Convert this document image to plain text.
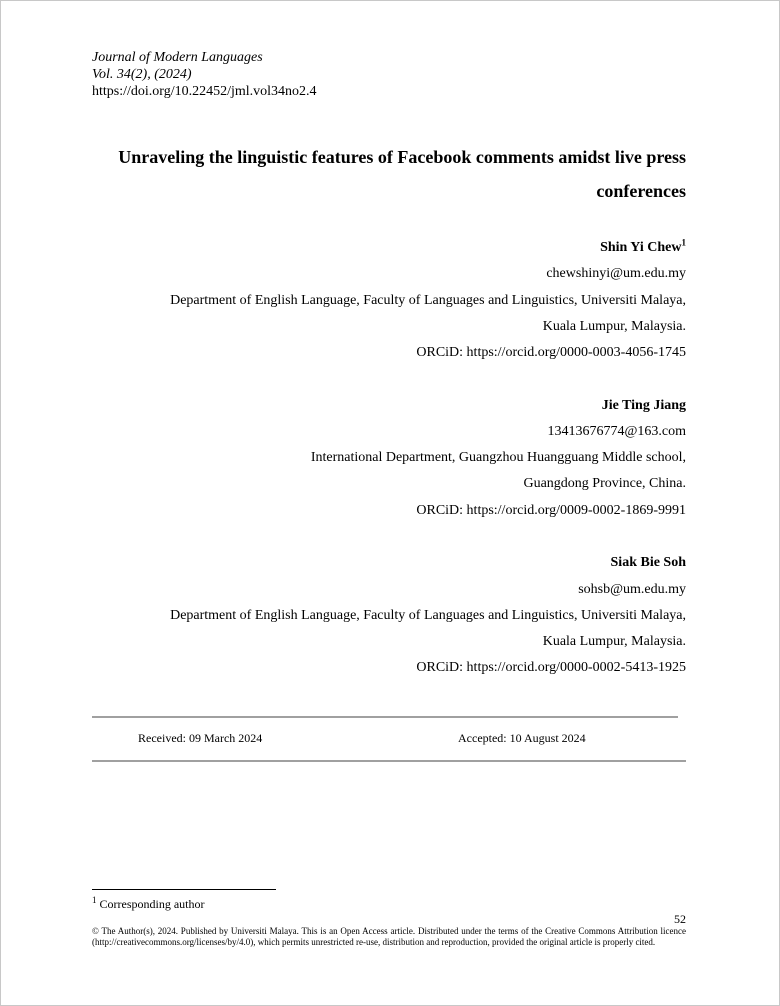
Journal of Modern Languages
Vol. 34(2), (2024)
https://doi.org/10.22452/jml.vol34no2.4
Unraveling the linguistic features of Facebook comments amidst live press conferences
Shin Yi Chew$^1$
chewshinyi@um.edu.my
Department of English Language, Faculty of Languages and Linguistics, Universiti Malaya,
Kuala Lumpur, Malaysia.
ORCiD: https://orcid.org/0000-0003-4056-1745
Jie Ting Jiang
13413676774@163.com
International Department, Guangzhou Huangguang Middle school,
Guangdong Province, China.
ORCiD: https://orcid.org/0009-0002-1869-9991
Siak Bie Soh
sohsb@um.edu.my
Department of English Language, Faculty of Languages and Linguistics, Universiti Malaya,
Kuala Lumpur, Malaysia.
ORCiD: https://orcid.org/0000-0002-5413-1925
Received: 09 March 2024	Accepted: 10 August 2024
$^1$ Corresponding author
52
© The Author(s), 2024. Published by Universiti Malaya. This is an Open Access article. Distributed under the terms of the Creative Commons Attribution licence (http://creativecommons.org/licenses/by/4.0), which permits unrestricted re-use, distribution and reproduction, provided the original article is properly cited.
